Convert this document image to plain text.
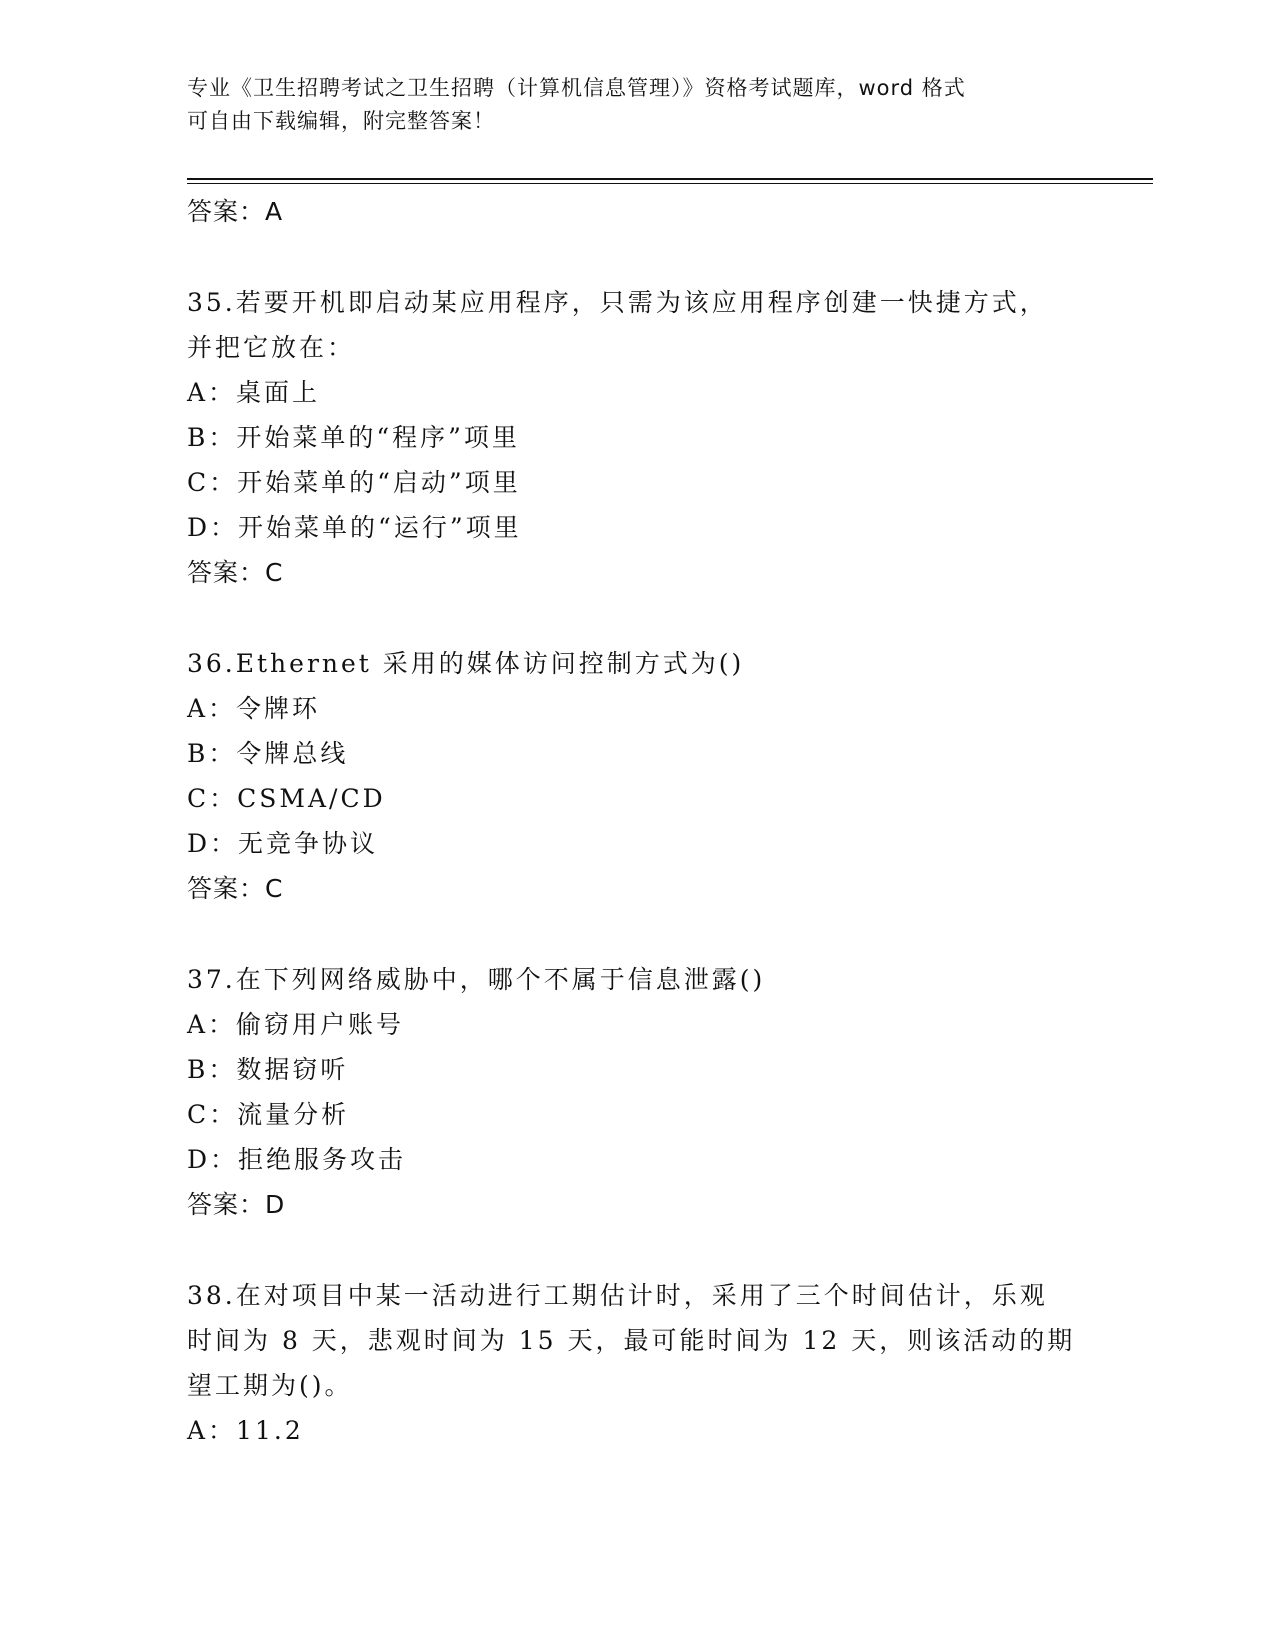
专业《卫生招聘考试之卫生招聘（计算机信息管理）》资格考试题库，word 格式
可自由下载编辑，附完整答案！
答案：A
35.若要开机即启动某应用程序，只需为该应用程序创建一快捷方式，
并把它放在：
A：桌面上
B：开始菜单的“程序”项里
C：开始菜单的“启动”项里
D：开始菜单的“运行”项里
答案：C
36.Ethernet 采用的媒体访问控制方式为()
A：令牌环
B：令牌总线
C：CSMA/CD
D：无竞争协议
答案：C
37.在下列网络威胁中，哪个不属于信息泄露()
A：偷窃用户账号
B：数据窃听
C：流量分析
D：拒绝服务攻击
答案：D
38.在对项目中某一活动进行工期估计时，采用了三个时间估计，乐观
时间为 8 天，悲观时间为 15 天，最可能时间为 12 天，则该活动的期
望工期为()。
A：11.2
